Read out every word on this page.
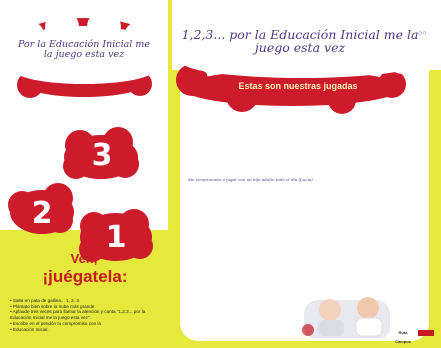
Por la Educación Inicial me la juego esta vez
3
2
1
Ven,
¡juégatela:
• Salta en pata de gallina... 1, 2, 3.
• Plántate bien sobre la nube más grande.
• Aplaude tres veces para llamar la atención y canta "1,2,3... por la Educación Inicial me la juego esta vez".
• Escribe en el pendón tu compromiso con la
• Educación Inicial.
1,2,3... por la Educación Inicial me la juego esta vez
○○
Estas son nuestras jugadas
Me comprometo a jugar con mi hijo adulto todo el día (Lucía)
Ruta Campus
